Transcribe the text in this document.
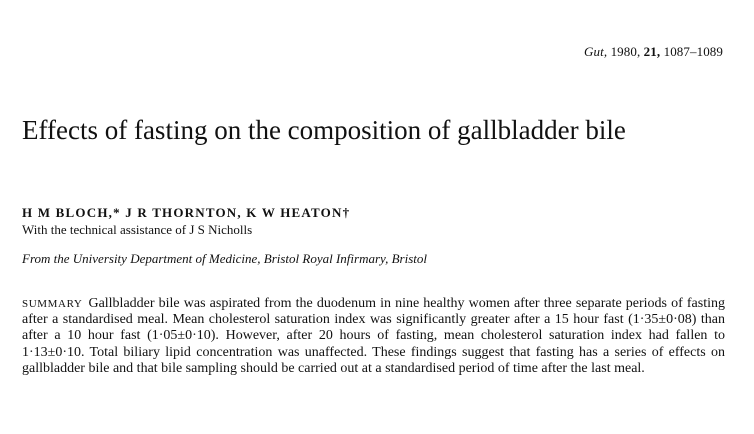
Gut, 1980, 21, 1087–1089
Effects of fasting on the composition of gallbladder bile
H M BLOCH,* J R THORNTON, K W HEATON†
With the technical assistance of J S Nicholls
From the University Department of Medicine, Bristol Royal Infirmary, Bristol

SUMMARY Gallbladder bile was aspirated from the duodenum in nine healthy women after three separate periods of fasting after a standardised meal. Mean cholesterol saturation index was significantly greater after a 15 hour fast (1·35±0·08) than after a 10 hour fast (1·05±0·10). However, after 20 hours of fasting, mean cholesterol saturation index had fallen to 1·13±0·10. Total biliary lipid concentration was unaffected. These findings suggest that fasting has a series of effects on gallbladder bile and that bile sampling should be carried out at a standardised period of time after the last meal.
